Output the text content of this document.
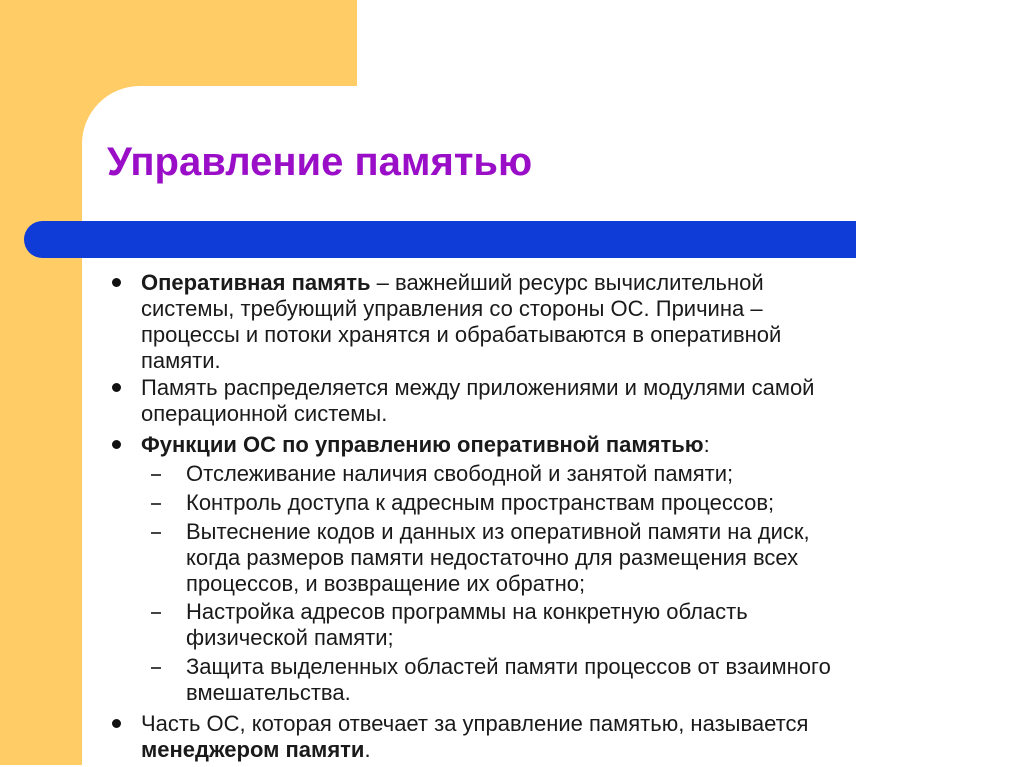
Управление памятью
Оперативная память – важнейший ресурс вычислительной
системы, требующий управления со стороны ОС. Причина –
процессы и потоки хранятся и обрабатываются в оперативной
памяти.
Память распределяется между приложениями и модулями самой
операционной системы.
Функции ОС по управлению оперативной памятью:
Отслеживание наличия свободной и занятой памяти;
Контроль доступа к адресным пространствам процессов;
Вытеснение кодов и данных из оперативной памяти на диск,
когда размеров памяти недостаточно для размещения всех
процессов, и возвращение их обратно;
Настройка адресов программы на конкретную область
физической памяти;
Защита выделенных областей памяти процессов от взаимного
вмешательства.
Часть ОС, которая отвечает за управление памятью, называется
менеджером памяти.
